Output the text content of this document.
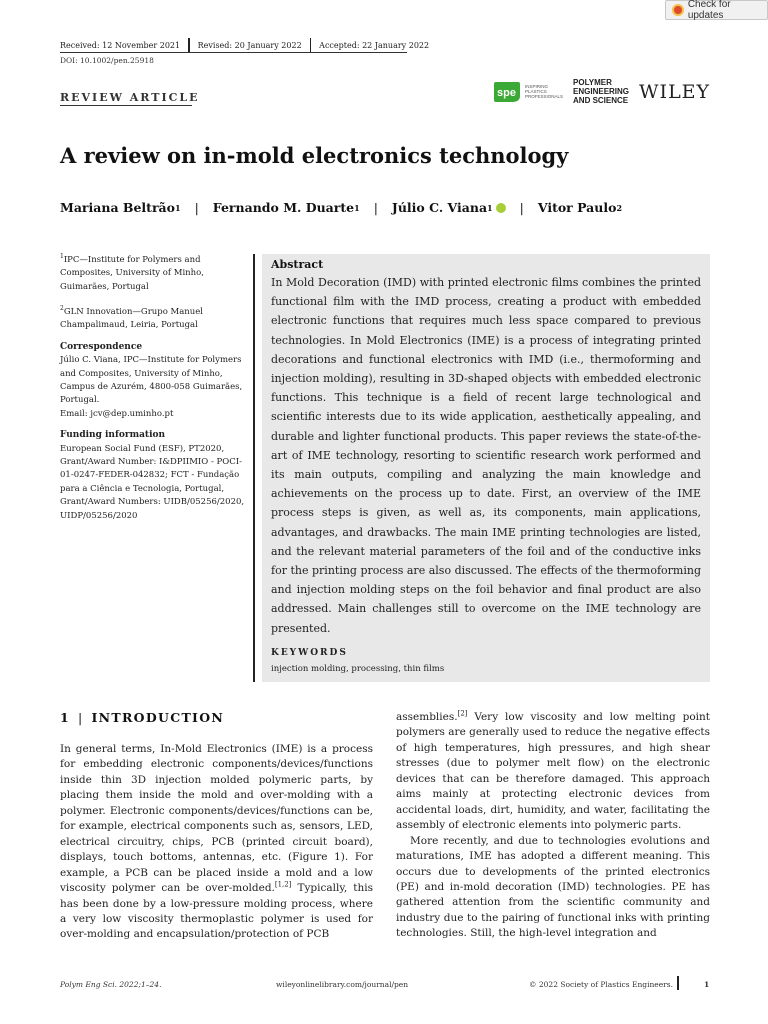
Check for updates
Received: 12 November 2021 Revised: 20 January 2022 Accepted: 22 January 2022
DOI: 10.1002/pen.25918
spe INSPIRING
PLASTICS
PROFESSIONALS
POLYMER
ENGINEERING
AND SCIENCE WILEY
REVIEW ARTICLE
A review on in-mold electronics technology
Mariana Beltrão 1 | Fernando M. Duarte 1 | Júlio C. Viana 1 | Vitor Paulo 2

$^1$IPC—Institute for Polymers and Composites, University of Minho, Guimarães, Portugal

$^2$GLN Innovation—Grupo Manuel Champalimaud, Leiria, Portugal

Correspondence

Júlio C. Viana, IPC—Institute for Polymers and Composites, University of Minho, Campus de Azurém, 4800-058 Guimarães, Portugal.
Email: jcv@dep.uminho.pt

Funding information

European Social Fund (ESF), PT2020, Grant/Award Number: I&DPIIMIO - POCI-01-0247-FEDER-042832; FCT - Fundação para a Ciência e Tecnologia, Portugal, Grant/Award Numbers: UIDB/05256/2020, UIDP/05256/2020

Abstract
In Mold Decoration (IMD) with printed electronic films combines the printed functional film with the IMD process, creating a product with embedded electronic functions that requires much less space compared to previous technologies. In Mold Electronics (IME) is a process of integrating printed decorations and functional electronics with IMD (i.e., thermoforming and injection molding), resulting in 3D-shaped objects with embedded electronic functions. This technique is a field of recent large technological and scientific interests due to its wide application, aesthetically appealing, and durable and lighter functional products. This paper reviews the state-of-the-art of IME technology, resorting to scientific research work performed and its main outputs, compiling and analyzing the main knowledge and achievements on the process up to date. First, an overview of the IME process steps is given, as well as, its components, main applications, advantages, and drawbacks. The main IME printing technologies are listed, and the relevant material parameters of the foil and of the conductive inks for the printing process are also discussed. The effects of the thermoforming and injection molding steps on the foil behavior and final product are also addressed. Main challenges still to overcome on the IME technology are presented.
KEYWORDS
injection molding, processing, thin films
1 | INTRODUCTION

In general terms, In-Mold Electronics (IME) is a process for embedding electronic components/devices/functions inside thin 3D injection molded polymeric parts, by placing them inside the mold and over-molding with a polymer. Electronic components/devices/functions can be, for example, electrical components such as, sensors, LED, electrical circuitry, chips, PCB (printed circuit board), displays, touch bottoms, antennas, etc. (Figure 1). For example, a PCB can be placed inside a mold and a low viscosity polymer can be over-molded.[1,2] Typically, this has been done by a low-pressure molding process, where a very low viscosity thermoplastic polymer is used for over-molding and encapsulation/protection of PCB

assemblies.[2] Very low viscosity and low melting point polymers are generally used to reduce the negative effects of high temperatures, high pressures, and high shear stresses (due to polymer melt flow) on the electronic devices that can be therefore damaged. This approach aims mainly at protecting electronic devices from accidental loads, dirt, humidity, and water, facilitating the assembly of electronic elements into polymeric parts.

More recently, and due to technologies evolutions and maturations, IME has adopted a different meaning. This occurs due to developments of the printed electronics (PE) and in-mold decoration (IMD) technologies. PE has gathered attention from the scientific community and industry due to the pairing of functional inks with printing technologies. Still, the high-level integration and

Polym Eng Sci. 2022;1–24.	wileyonlinelibrary.com/journal/pen	© 2022 Society of Plastics Engineers.	1
